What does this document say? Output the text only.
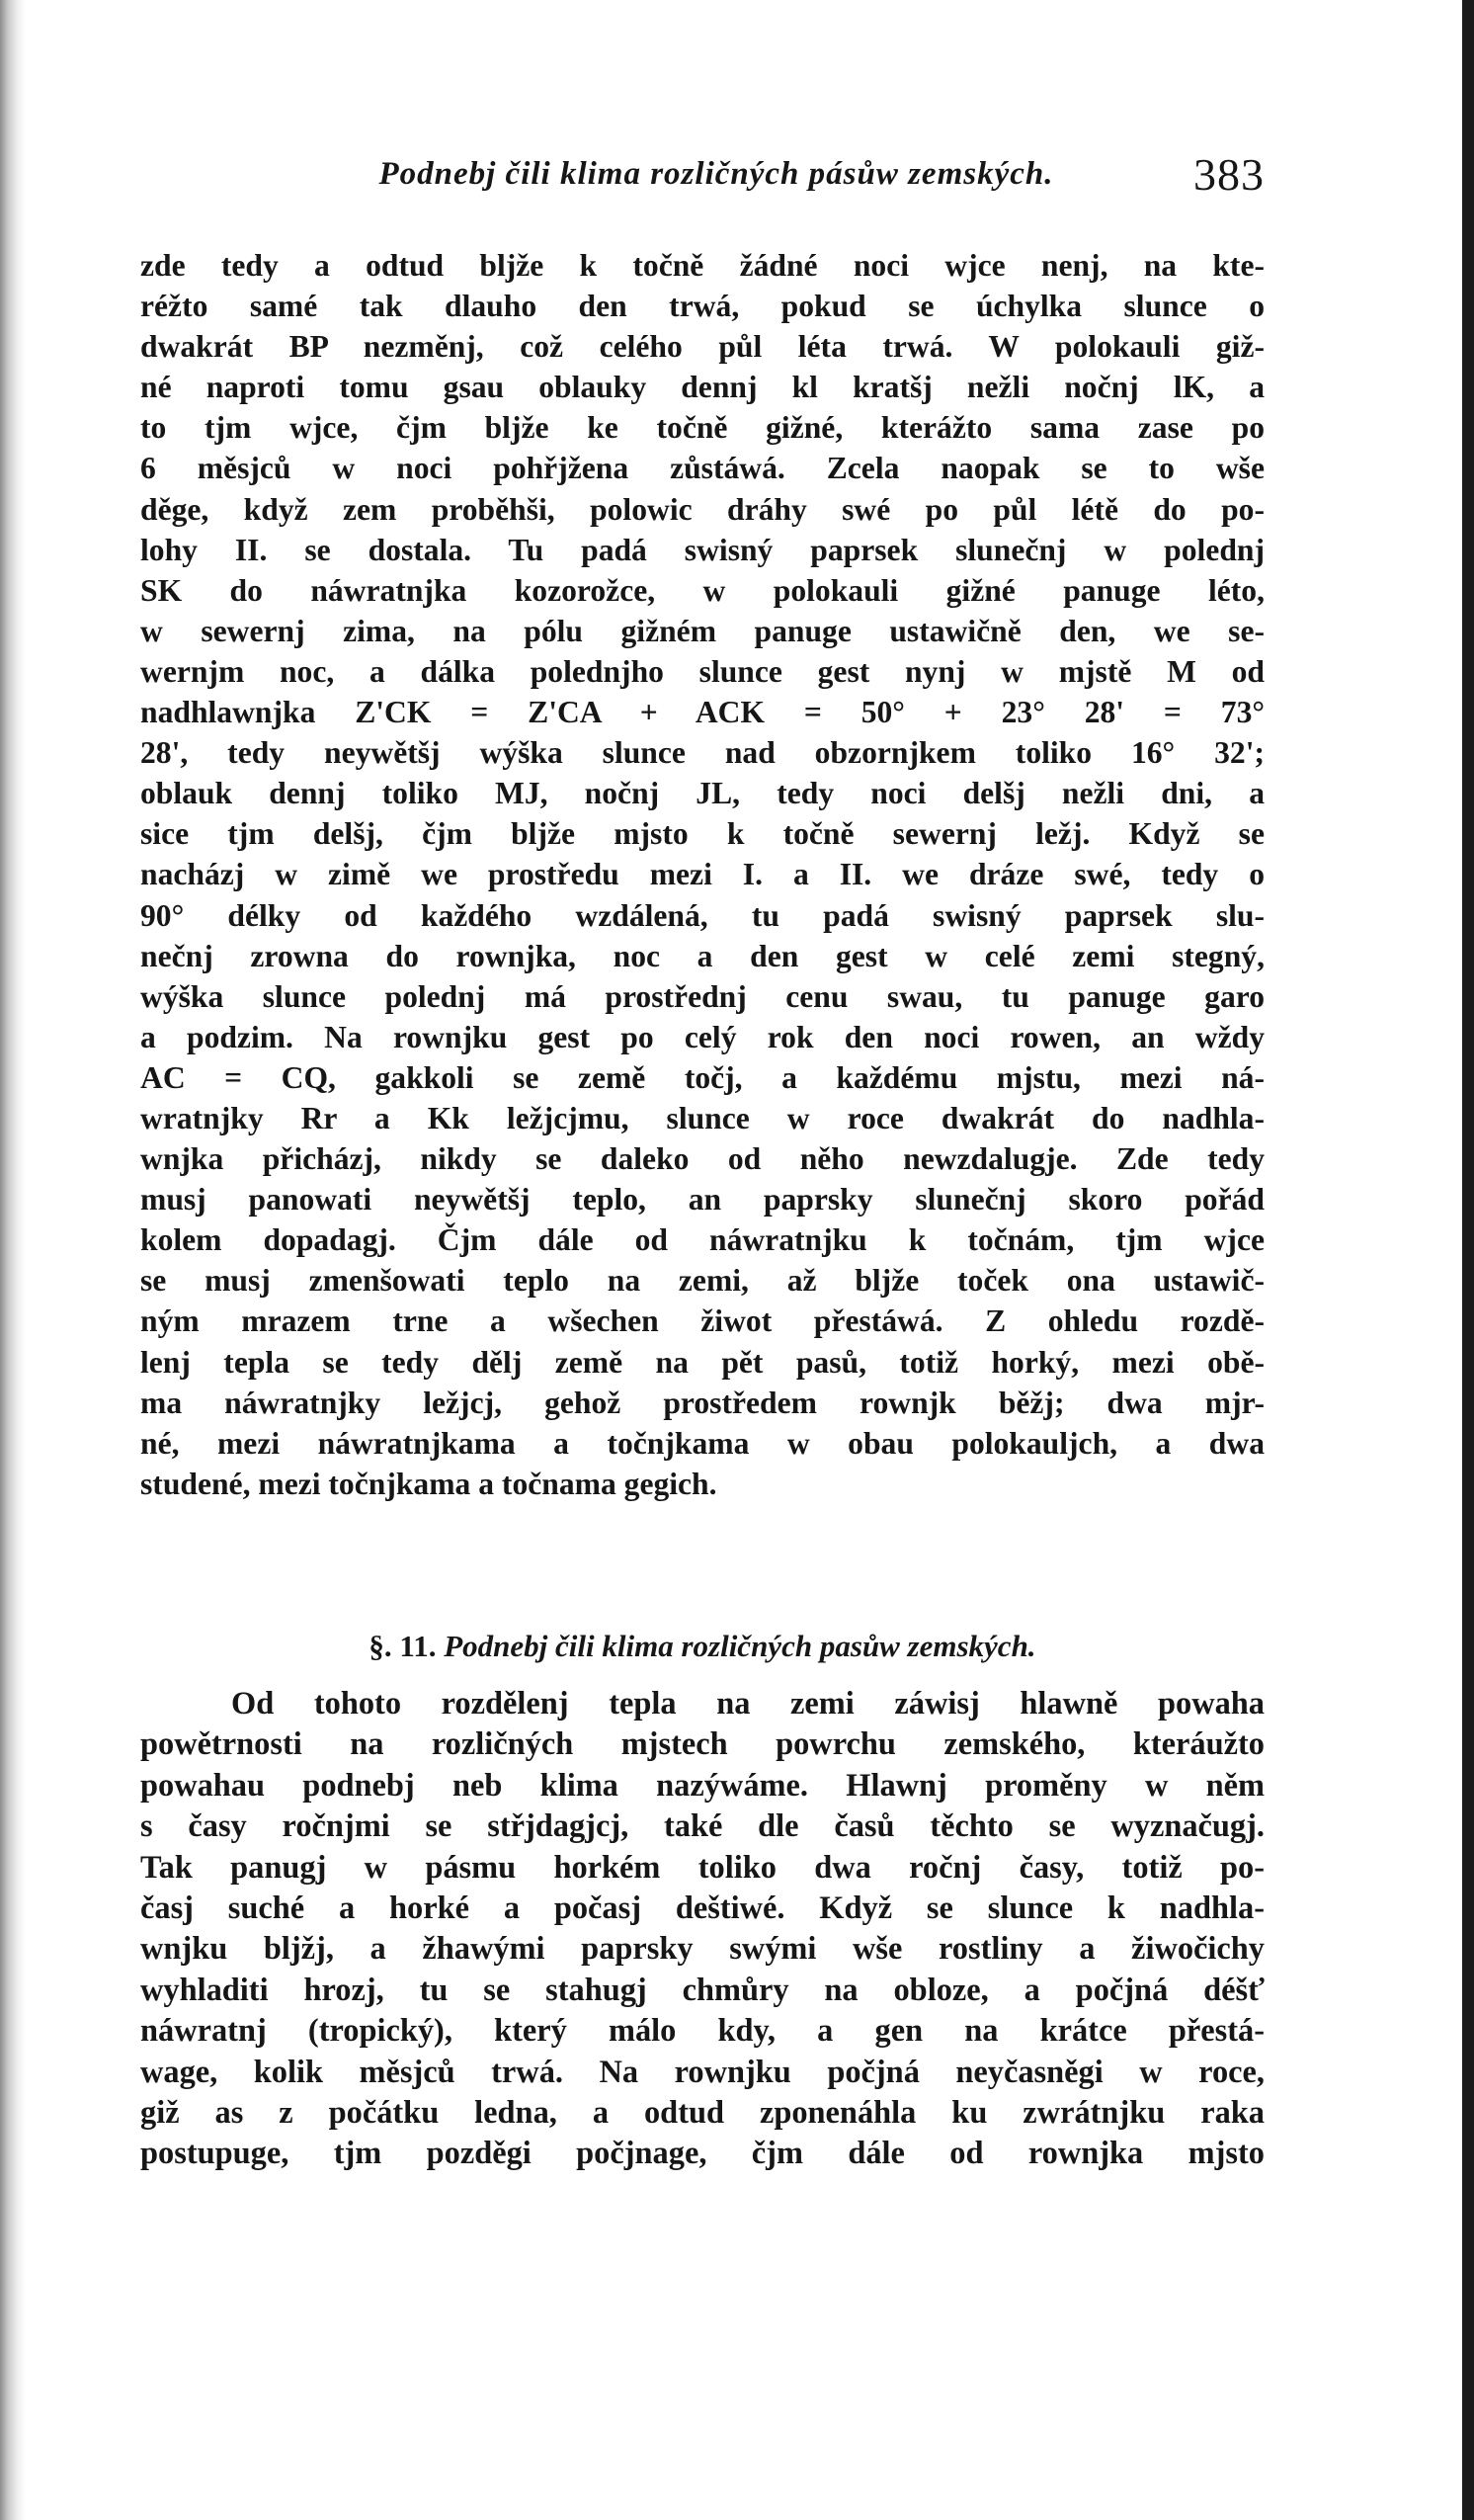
Podnebj čili klima rozličných pásůw zemských.	383
zde tedy a odtud bljže k točně žádné noci wjce nenj, na kte-
réžto samé tak dlauho den trwá, pokud se úchylka slunce o
dwakrát BP nezměnj, což celého půl léta trwá. W polokauli giž-
né naproti tomu gsau oblauky dennj kl kratšj nežli nočnj lK, a
to tjm wjce, čjm bljže ke točně gižné, kterážto sama zase po
6 měsjců w noci pohřjžena zůstáwá. Zcela naopak se to wše
děge, když zem proběhši, polowic dráhy swé po půl létě do po-
lohy II. se dostala. Tu padá swisný paprsek slunečnj w polednj
SK do náwratnjka kozorožce, w polokauli gižné panuge léto,
w sewernj zima, na pólu gižném panuge ustawičně den, we se-
wernjm noc, a dálka polednjho slunce gest nynj w mjstě M od
nadhlawnjka Z'CK = Z'CA + ACK = 50° + 23° 28' = 73°
28', tedy neywětšj wýška slunce nad obzornjkem toliko 16° 32';
oblauk dennj toliko MJ, nočnj JL, tedy noci delšj nežli dni, a
sice tjm delšj, čjm bljže mjsto k točně sewernj ležj. Když se
nacházj w zimě we prostředu mezi I. a II. we dráze swé, tedy o
90° délky od každého wzdálená, tu padá swisný paprsek slu-
nečnj zrowna do rownjka, noc a den gest w celé zemi stegný,
wýška slunce polednj má prostřednj cenu swau, tu panuge garo
a podzim. Na rownjku gest po celý rok den noci rowen, an wždy
AC = CQ, gakkoli se země točj, a každému mjstu, mezi ná-
wratnjky Rr a Kk ležjcjmu, slunce w roce dwakrát do nadhla-
wnjka přicházj, nikdy se daleko od něho newzdalugje. Zde tedy
musj panowati neywětšj teplo, an paprsky slunečnj skoro pořád
kolem dopadagj. Čjm dále od náwratnjku k točnám, tjm wjce
se musj zmenšowati teplo na zemi, až bljže toček ona ustawič-
ným mrazem trne a wšechen žiwot přestáwá. Z ohledu rozdě-
lenj tepla se tedy dělj země na pět pasů, totiž horký, mezi obě-
ma náwratnjky ležjcj, gehož prostředem rownjk běžj; dwa mjr-
né, mezi náwratnjkama a točnjkama w obau polokauljch, a dwa
studené, mezi točnjkama a točnama gegich.
§. 11. Podnebj čili klima rozličných pasůw zemských.
Od tohoto rozdělenj tepla na zemi záwisj hlawně powaha
powětrnosti na rozličných mjstech powrchu zemského, kteráužto
powahau podnebj neb klima nazýwáme. Hlawnj proměny w něm
s časy ročnjmi se střjdagjcj, také dle časů těchto se wyznačugj.
Tak panugj w pásmu horkém toliko dwa ročnj časy, totiž po-
časj suché a horké a počasj deštiwé. Když se slunce k nadhla-
wnjku bljžj, a žhawými paprsky swými wše rostliny a žiwočichy
wyhladiti hrozj, tu se stahugj chmůry na obloze, a počjná déšť
náwratnj (tropický), který málo kdy, a gen na krátce přestá-
wage, kolik měsjců trwá. Na rownjku počjná neyčasněgi w roce,
giž as z počátku ledna, a odtud zponenáhla ku zwrátnjku raka
postupuge, tjm pozděgi počjnage, čjm dále od rownjka mjsto
